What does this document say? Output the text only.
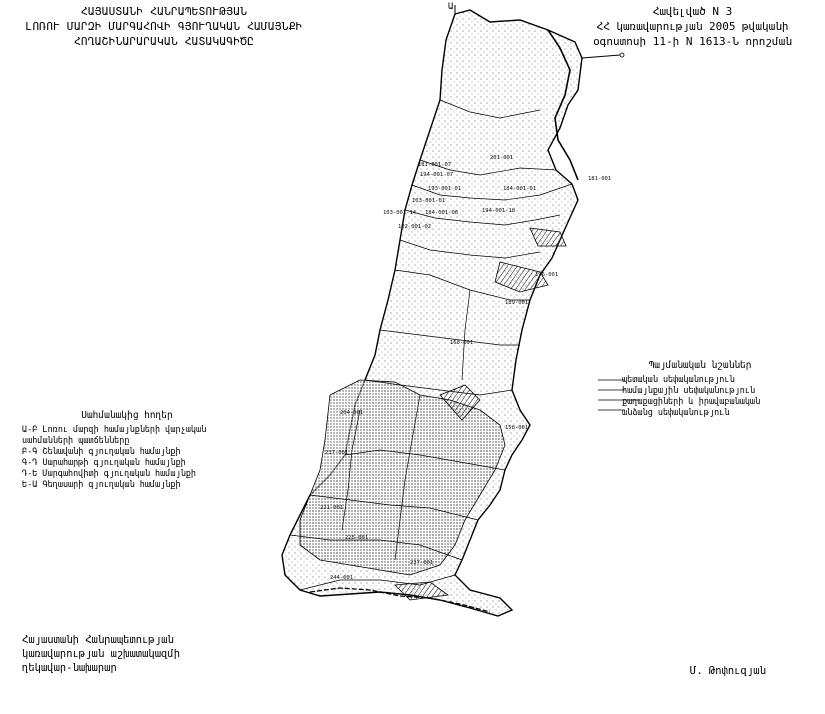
ՀԱՅԱՍՏԱՆԻ ՀԱՆՐԱՊԵՏՈՒԹՅԱՆ
ԼՈՌՈՒ ՄԱՐԶԻ ՄԱՐԳԱՀՈՎԻ ԳՅՈՒՂԱԿԱՆ ՀԱՄԱՅՆՔԻ
ՀՈՂԱՇԻՆԱՐԱՐԱԿԱՆ ՀԱՏԱԿԱԳԻԾԸ
Հավելված N 3
ՀՀ կառավարության 2005 թվականի
օգոստոսի 11-ի N 1613-Ն որոշման
201-001
181-001-07
194-001-07
193-001-01
103-001-01
184-001-01
181-001
103-001-14 184-001-06	194-001-18
102-001-02
196-001
189-001
168-001
158-001
204-001
217-001
221-001
225-001
237-001
244-001
Ա
Սահմանակից հողեր
Ա-Բ Լոռու մարզի համայնքների վարչական
սահմանների պատճենները
Բ-Գ Շենավանի գյուղական համայնքի
Գ-Դ Սարահարթի գյուղական համայնքի
Դ-Ե Մարգահովիտի գյուղական համայնքի
Ե-Ա Գեղասարի գյուղական համայնքի
Պայմանական նշաններ
պետական սեփականություն
համայնքային սեփականություն
քաղաքացիների և իրավաբանական
անձանց սեփականություն
Հայաստանի Հանրապետության
կառավարության աշխատակազմի
ղեկավար-նախարար	Մ. Թոփուզյան
